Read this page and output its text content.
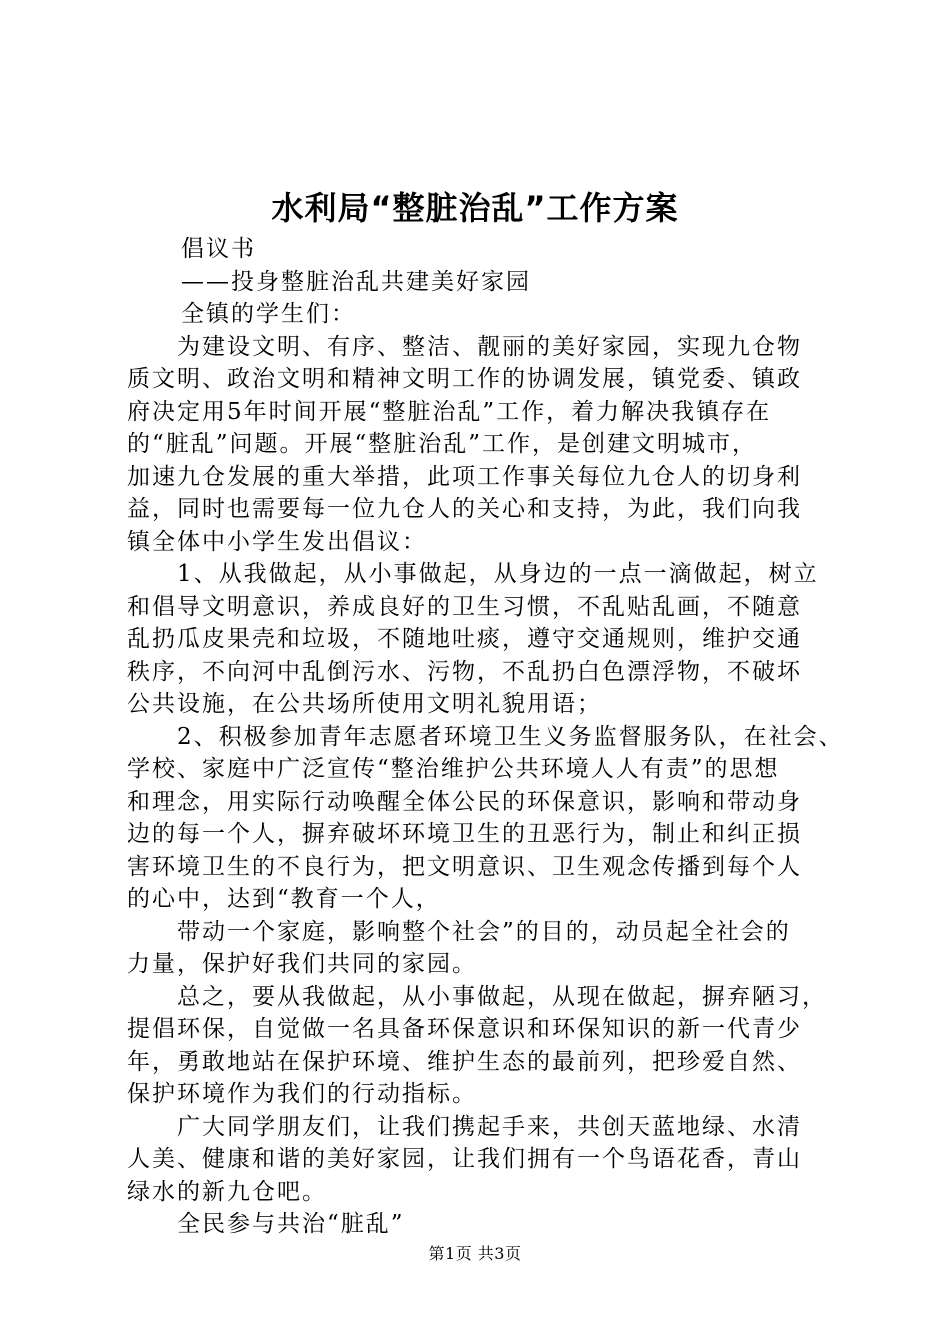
水利局“整脏治乱”工作方案
倡议书
——投身整脏治乱共建美好家园
全镇的学生们：
为建设文明、有序、整洁、靓丽的美好家园，实现九仓物
质文明、政治文明和精神文明工作的协调发展，镇党委、镇政
府决定用5年时间开展“整脏治乱”工作，着力解决我镇存在
的“脏乱”问题。开展“整脏治乱”工作，是创建文明城市，
加速九仓发展的重大举措，此项工作事关每位九仓人的切身利
益，同时也需要每一位九仓人的关心和支持，为此，我们向我
镇全体中小学生发出倡议：
1、从我做起，从小事做起，从身边的一点一滴做起，树立
和倡导文明意识，养成良好的卫生习惯，不乱贴乱画，不随意
乱扔瓜皮果壳和垃圾，不随地吐痰，遵守交通规则，维护交通
秩序，不向河中乱倒污水、污物，不乱扔白色漂浮物，不破坏
公共设施，在公共场所使用文明礼貌用语；
2、积极参加青年志愿者环境卫生义务监督服务队，在社会、
学校、家庭中广泛宣传“整治维护公共环境人人有责”的思想
和理念，用实际行动唤醒全体公民的环保意识，影响和带动身
边的每一个人，摒弃破坏环境卫生的丑恶行为，制止和纠正损
害环境卫生的不良行为，把文明意识、卫生观念传播到每个人
的心中，达到“教育一个人，
带动一个家庭，影响整个社会”的目的，动员起全社会的
力量，保护好我们共同的家园。
总之，要从我做起，从小事做起，从现在做起，摒弃陋习，
提倡环保，自觉做一名具备环保意识和环保知识的新一代青少
年，勇敢地站在保护环境、维护生态的最前列，把珍爱自然、
保护环境作为我们的行动指标。
广大同学朋友们，让我们携起手来，共创天蓝地绿、水清
人美、健康和谐的美好家园，让我们拥有一个鸟语花香，青山
绿水的新九仓吧。
全民参与共治“脏乱”
第1页 共3页
